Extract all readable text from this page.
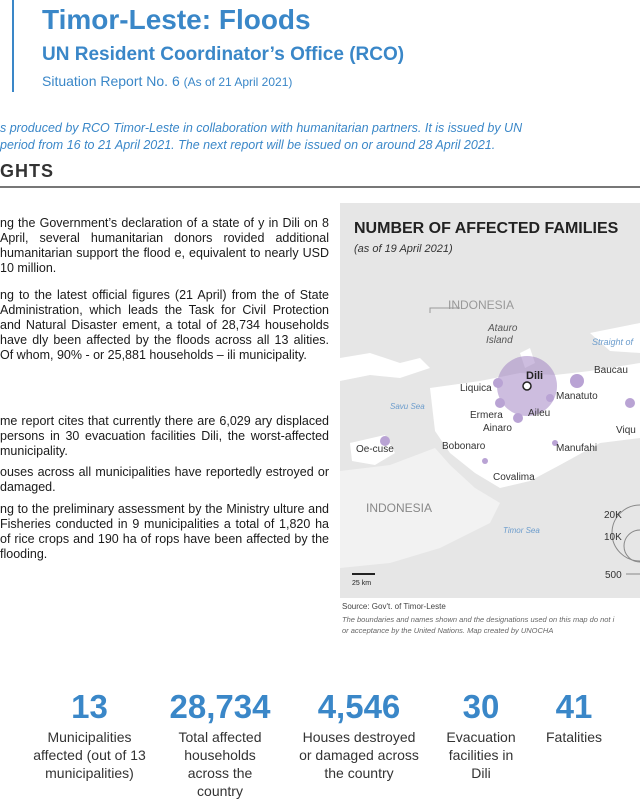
Timor-Leste: Floods
UN Resident Coordinator’s Office (RCO)
Situation Report No. 6 (As of 21 April 2021)
s produced by RCO Timor-Leste in collaboration with humanitarian partners. It is issued by UN
period from 16 to 21 April 2021. The next report will be issued on or around 28 April 2021.
GHTS
ng the Government’s declaration of a state of y in Dili on 8 April, several humanitarian donors rovided additional humanitarian support the flood e, equivalent to nearly USD 10 million.
ng to the latest official figures (21 April) from the of State Administration, which leads the Task for Civil Protection and Natural Disaster ement, a total of 28,734 households have dly been affected by the floods across all 13 alities. Of whom, 90% - or 25,881 households – ili municipality.
me report cites that currently there are 6,029 ary displaced persons in 30 evacuation facilities Dili, the worst-affected municipality.
ouses across all municipalities have reportedly estroyed or damaged.
ng to the preliminary assessment by the Ministry ulture and Fisheries conducted in 9 municipalities a total of 1,820 ha of rice crops and 190 ha of rops have been affected by the flooding.
INDONESIA
Atauro Island	Straight of
Dili	Baucau
Liquica
Manatuto
Savu Sea
Ermera	Aileu
Ainaro	Viqu
Oe-cuse	Bobonaro	Manufahi
Covalima
INDONESIA
Timor Sea
25 km
20K
10K
500
NUMBER OF AFFECTED FAMILIES
(as of 19 April 2021)
Source: Gov't. of Timor-Leste
The boundaries and names shown and the designations used on this map do not i
or acceptance by the United Nations. Map created by UNOCHA
13
Municipalities affected (out of 13 municipalities)
28,734
Total affected households across the country
4,546
Houses destroyed or damaged across the country
30
Evacuation facilities in Dili
41
Fatalities
